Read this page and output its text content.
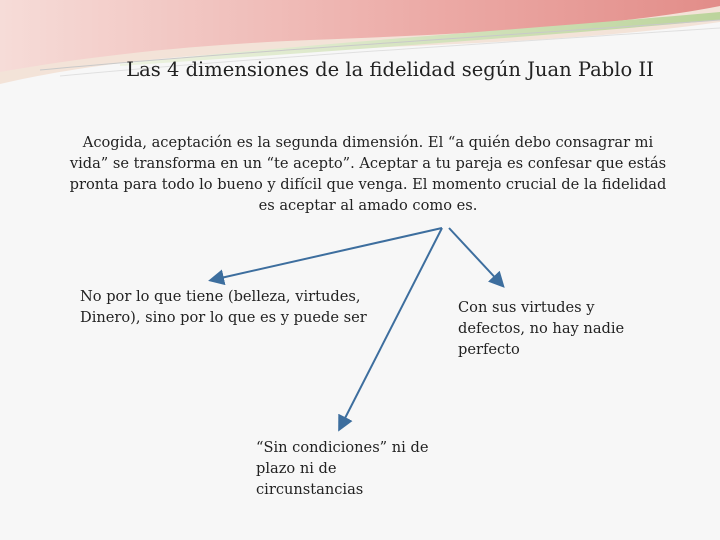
Las 4 dimensiones de la fidelidad según Juan Pablo II
Acogida, aceptación es la segunda dimensión. El “a quién debo consagrar mi vida” se transforma en un “te acepto”. Aceptar a tu pareja es confesar que estás pronta para todo lo bueno y difícil que venga. El momento crucial de la fidelidad es aceptar al amado como es.
No por lo que tiene (belleza, virtudes, Dinero), sino por lo que es y puede ser
Con sus virtudes y defectos, no hay nadie perfecto
“Sin condiciones” ni de plazo ni de circunstancias
